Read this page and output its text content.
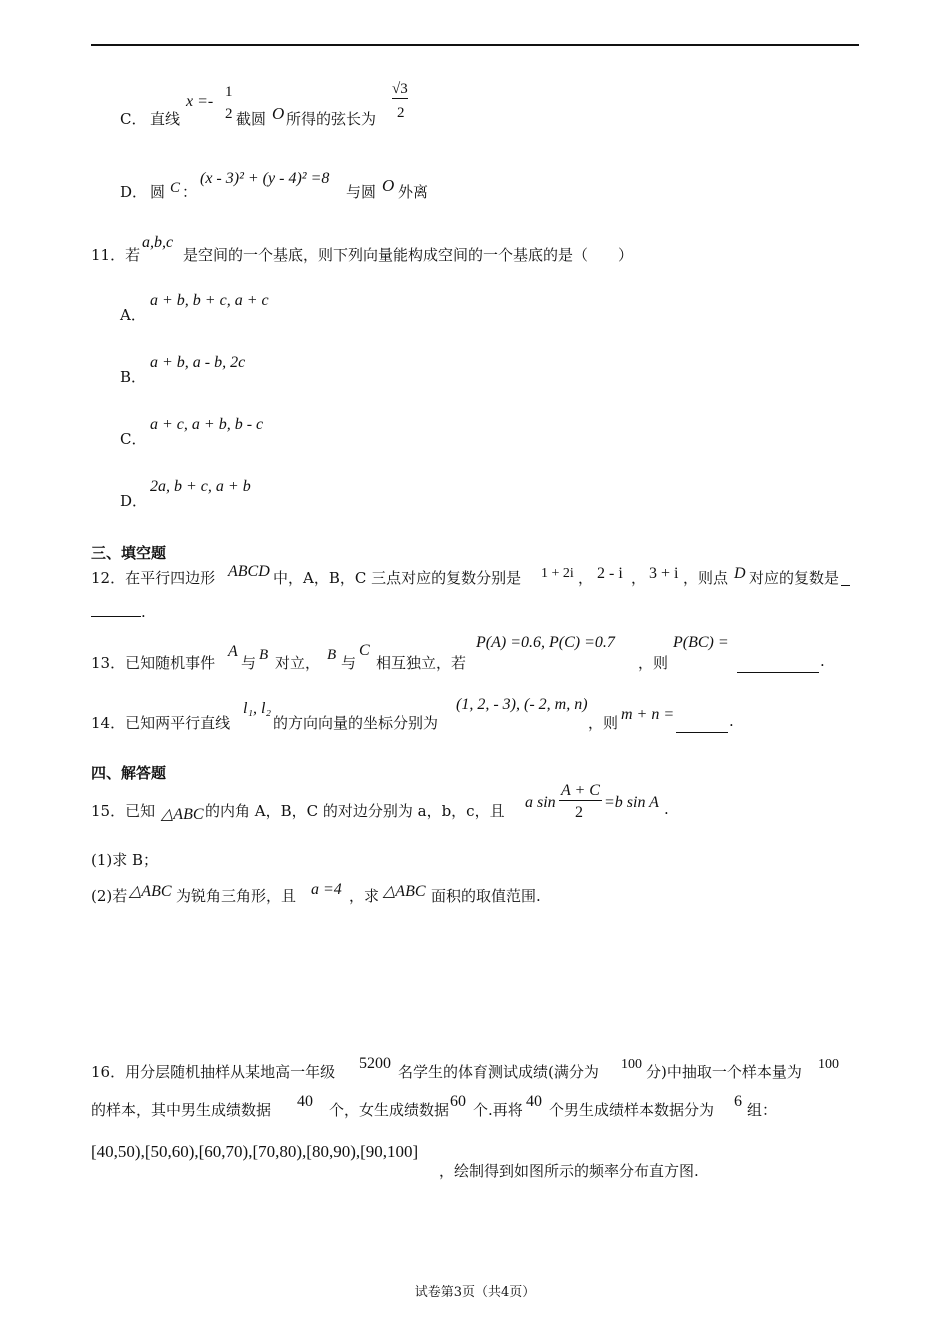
C． 直线
x =-
1
2 截圆 O 所得的弦长为
√3
2
D． 圆 C ：
(x - 3)² + (y - 4)² =8
与圆 O 外离
11．若
a,b,c
是空间的一个基底，则下列向量能构成空间的一个基底的是（　　）
A．
a + b, b + c, a + c
B．
a + b, a - b, 2c
C．
a + c, a + b, b - c
D．
2a, b + c, a + b
三、填空题
12．在平行四边形 ABCD 中，A，B，C 三点对应的复数分别是 1 + 2i ， 2 - i ， 3 + i ，则点 D 对应的复数是
.
13．已知随机事件
A
与 B 对立， B 与
C
相互独立，若
P(A) =0.6, P(C) =0.7
，则
P(BC) =
.
14．已知两平行直线
l₁, l₂
的方向向量的坐标分别为
(1, 2, - 3), (- 2, m, n)
，则 m + n =	.
四、解答题
15．已知 △ABC 的内角 A，B，C 的对边分别为 a，b，c，且 a sin
A + C
2
=b sin A .
(1)求 B；
(2)若 △ABC 为锐角三角形，且 a =4 ，求 △ABC 面积的取值范围.
16．用分层随机抽样从某地高一年级 5200 名学生的体育测试成绩(满分为 100 分)中抽取一个样本量为 100
的样本，其中男生成绩数据 40 个，女生成绩数据 60 个.再将 40 个男生成绩样本数据分为 6 组：
[40,50),[50,60),[60,70),[70,80),[80,90),[90,100]
，绘制得到如图所示的频率分布直方图.
试卷第3页（共4页）
